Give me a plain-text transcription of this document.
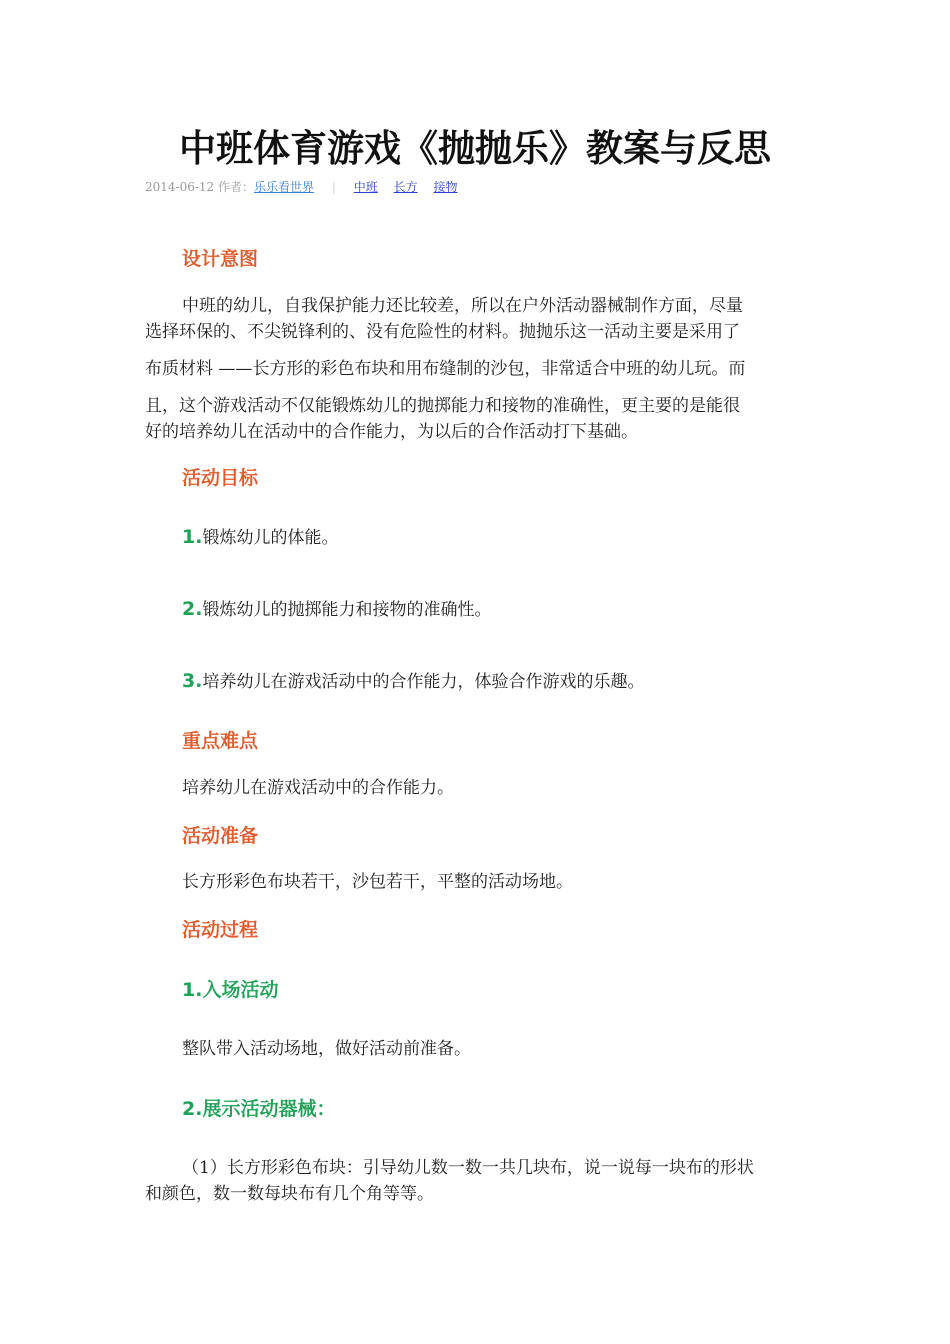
中班体育游戏《抛抛乐》教案与反思
2014-06-12 作者：乐乐看世界 | 中班 长方 接物
设计意图
中班的幼儿，自我保护能力还比较差，所以在户外活动器械制作方面，尽量
选择环保的、不尖锐锋利的、没有危险性的材料。抛抛乐这一活动主要是采用了
布质材料 ——长方形的彩色布块和用布缝制的沙包，非常适合中班的幼儿玩。而
且，这个游戏活动不仅能锻炼幼儿的抛掷能力和接物的准确性，更主要的是能很
好的培养幼儿在活动中的合作能力，为以后的合作活动打下基础。
活动目标
1.锻炼幼儿的体能。
2.锻炼幼儿的抛掷能力和接物的准确性。
3.培养幼儿在游戏活动中的合作能力，体验合作游戏的乐趣。
重点难点
培养幼儿在游戏活动中的合作能力。
活动准备
长方形彩色布块若干，沙包若干，平整的活动场地。
活动过程
1.入场活动
整队带入活动场地，做好活动前准备。
2.展示活动器械：
（1）长方形彩色布块：引导幼儿数一数一共几块布，说一说每一块布的形状
和颜色，数一数每块布有几个角等等。
